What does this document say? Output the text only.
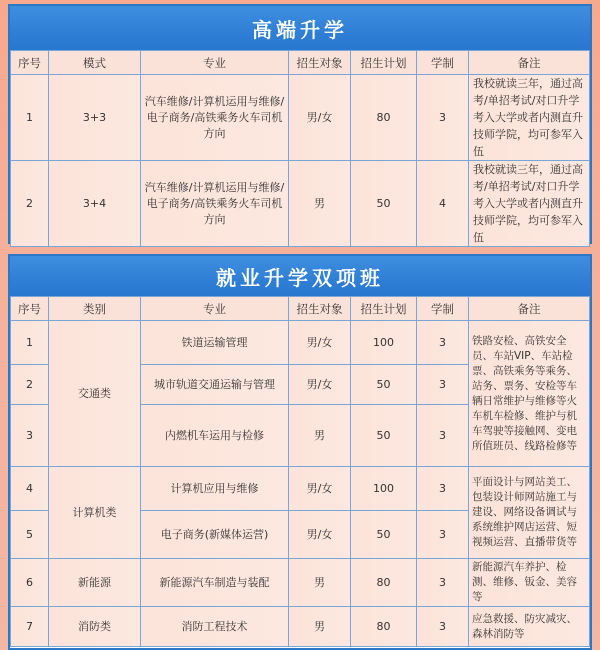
高端升学
序号	模式	专业	招生对象	招生计划	学制	备注
1	3+3	汽车维修/计算机运用与维修/电子商务/高铁乘务火车司机方向	男/女	80	3	我校就读三年，通过高考/单招考试/对口升学考入大学或者内测直升技师学院，均可参军入伍
2	3+4	汽车维修/计算机运用与维修/电子商务/高铁乘务火车司机方向	男	50	4	我校就读三年，通过高考/单招考试/对口升学考入大学或者内测直升技师学院，均可参军入伍
就业升学双项班
序号	类别	专业	招生对象	招生计划	学制	备注
1	交通类	铁道运输管理	男/女	100	3	铁路安检、高铁安全员、车站VIP、车站检票、高铁乘务等乘务、站务、票务、安检等车辆日常维护与维修等火车机车检修、维护与机车驾驶等接触网、变电所值班员、线路检修等
2		城市轨道交通运输与管理	男/女	50	3	
3		内燃机车运用与检修	男	50	3	
4	计算机类	计算机应用与维修	男/女	100	3	平面设计与网站美工、包装设计师网站施工与建设、网络设备调试与系统维护网店运营、短视频运营、直播带货等
5		电子商务(新媒体运营)	男/女	50	3	
6	新能源	新能源汽车制造与装配	男	80	3	新能源汽车养护、检测、维修、钣金、美容等
7	消防类	消防工程技术	男	80	3	应急救援、防灾减灾、森林消防等
